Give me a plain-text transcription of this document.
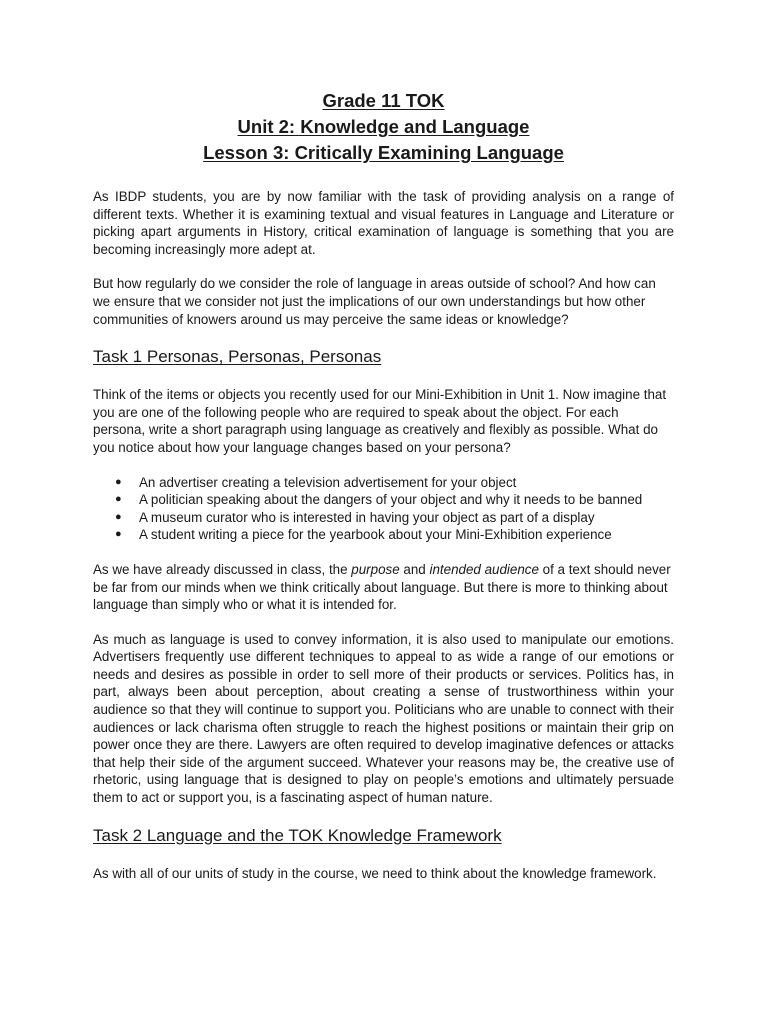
Grade 11 TOK
Unit 2: Knowledge and Language
Lesson 3: Critically Examining Language

As IBDP students, you are by now familiar with the task of providing analysis on a range of different texts. Whether it is examining textual and visual features in Language and Literature or picking apart arguments in History, critical examination of language is something that you are becoming increasingly more adept at.

But how regularly do we consider the role of language in areas outside of school? And how can we ensure that we consider not just the implications of our own understandings but how other communities of knowers around us may perceive the same ideas or knowledge?

Task 1 Personas, Personas, Personas

Think of the items or objects you recently used for our Mini-Exhibition in Unit 1. Now imagine that you are one of the following people who are required to speak about the object. For each persona, write a short paragraph using language as creatively and flexibly as possible. What do you notice about how your language changes based on your persona?

● An advertiser creating a television advertisement for your object
● A politician speaking about the dangers of your object and why it needs to be banned
● A museum curator who is interested in having your object as part of a display
● A student writing a piece for the yearbook about your Mini-Exhibition experience

As we have already discussed in class, the purpose and intended audience of a text should never be far from our minds when we think critically about language. But there is more to thinking about language than simply who or what it is intended for.

As much as language is used to convey information, it is also used to manipulate our emotions. Advertisers frequently use different techniques to appeal to as wide a range of our emotions or needs and desires as possible in order to sell more of their products or services. Politics has, in part, always been about perception, about creating a sense of trustworthiness within your audience so that they will continue to support you. Politicians who are unable to connect with their audiences or lack charisma often struggle to reach the highest positions or maintain their grip on power once they are there. Lawyers are often required to develop imaginative defences or attacks that help their side of the argument succeed. Whatever your reasons may be, the creative use of rhetoric, using language that is designed to play on people’s emotions and ultimately persuade them to act or support you, is a fascinating aspect of human nature.

Task 2 Language and the TOK Knowledge Framework

As with all of our units of study in the course, we need to think about the knowledge framework.
